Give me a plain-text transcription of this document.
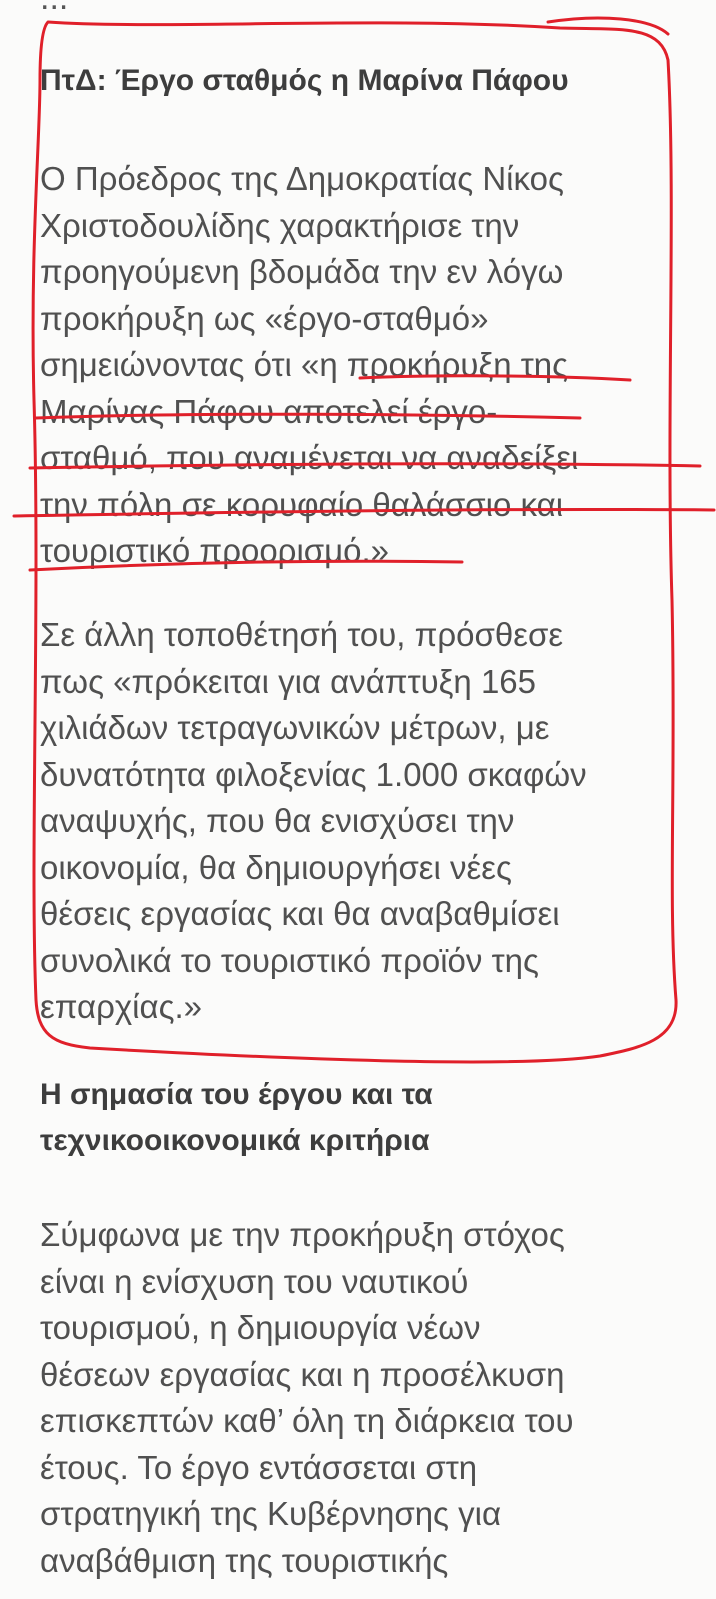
ΠτΔ: Έργο σταθμός η Μαρίνα Πάφου
Ο Πρόεδρος της Δημοκρατίας Νίκος
Χριστοδουλίδης χαρακτήρισε την
προηγούμενη βδομάδα την εν λόγω
προκήρυξη ως «έργο-σταθμό»
σημειώνοντας ότι «η προκήρυξη της
Μαρίνας Πάφου αποτελεί έργο-
σταθμό, που αναμένεται να αναδείξει
την πόλη σε κορυφαίο θαλάσσιο και
τουριστικό προορισμό.»
Σε άλλη τοποθέτησή του, πρόσθεσε
πως «πρόκειται για ανάπτυξη 165
χιλιάδων τετραγωνικών μέτρων, με
δυνατότητα φιλοξενίας 1.000 σκαφών
αναψυχής, που θα ενισχύσει την
οικονομία, θα δημιουργήσει νέες
θέσεις εργασίας και θα αναβαθμίσει
συνολικά το τουριστικό προϊόν της
επαρχίας.»
Η σημασία του έργου και τα
τεχνικοοικονομικά κριτήρια
Σύμφωνα με την προκήρυξη στόχος
είναι η ενίσχυση του ναυτικού
τουρισμού, η δημιουργία νέων
θέσεων εργασίας και η προσέλκυση
επισκεπτών καθ’ όλη τη διάρκεια του
έτους. Το έργο εντάσσεται στη
στρατηγική της Κυβέρνησης για
αναβάθμιση της τουριστικής
